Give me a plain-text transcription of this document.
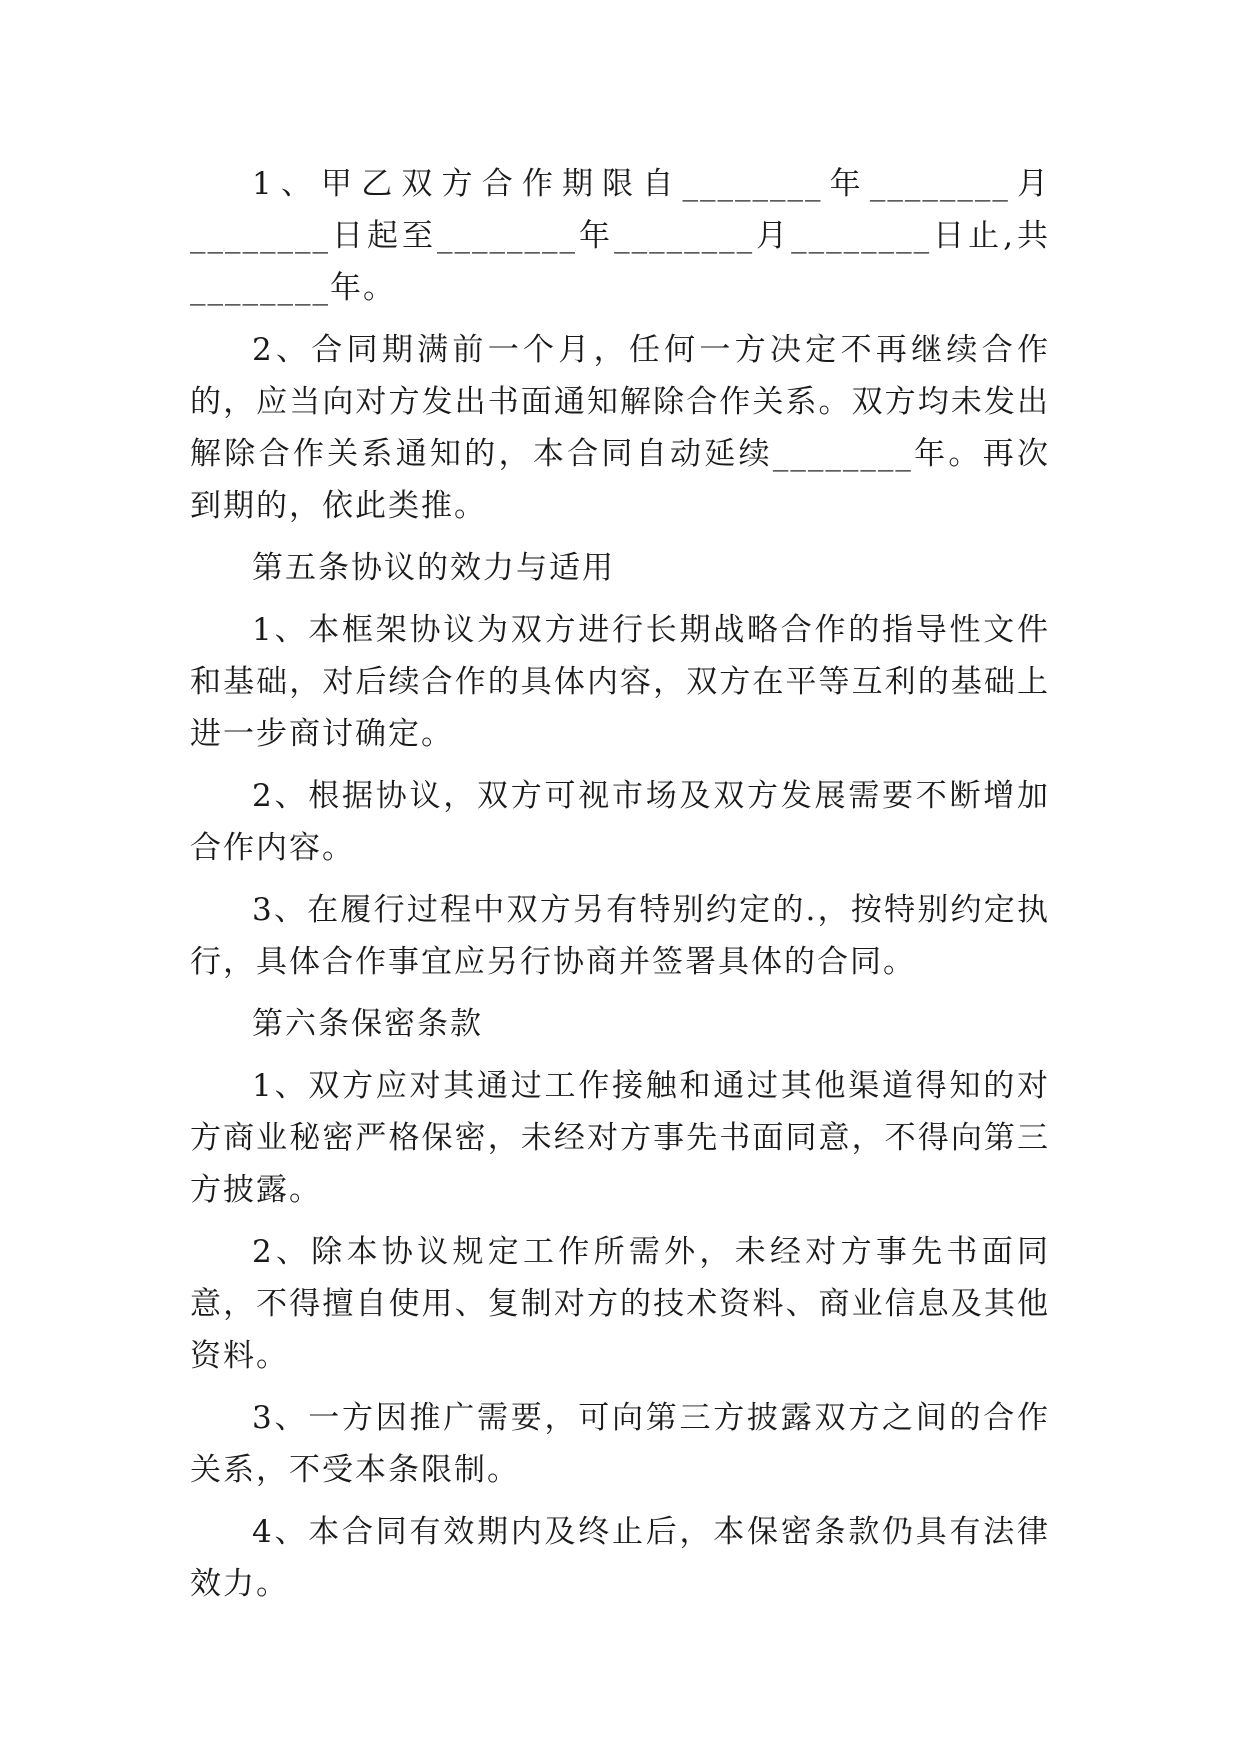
1、甲乙双方合作期限自________年________月________日起至________年________月________日止,共________年。

2、合同期满前一个月，任何一方决定不再继续合作的，应当向对方发出书面通知解除合作关系。双方均未发出解除合作关系通知的，本合同自动延续________年。再次到期的，依此类推。

第五条协议的效力与适用

1、本框架协议为双方进行长期战略合作的指导性文件和基础，对后续合作的具体内容，双方在平等互利的基础上进一步商讨确定。

2、根据协议，双方可视市场及双方发展需要不断增加合作内容。

3、在履行过程中双方另有特别约定的.，按特别约定执行，具体合作事宜应另行协商并签署具体的合同。

第六条保密条款

1、双方应对其通过工作接触和通过其他渠道得知的对方商业秘密严格保密，未经对方事先书面同意，不得向第三方披露。

2、除本协议规定工作所需外，未经对方事先书面同意，不得擅自使用、复制对方的技术资料、商业信息及其他资料。

3、一方因推广需要，可向第三方披露双方之间的合作关系，不受本条限制。

4、本合同有效期内及终止后，本保密条款仍具有法律效力。
